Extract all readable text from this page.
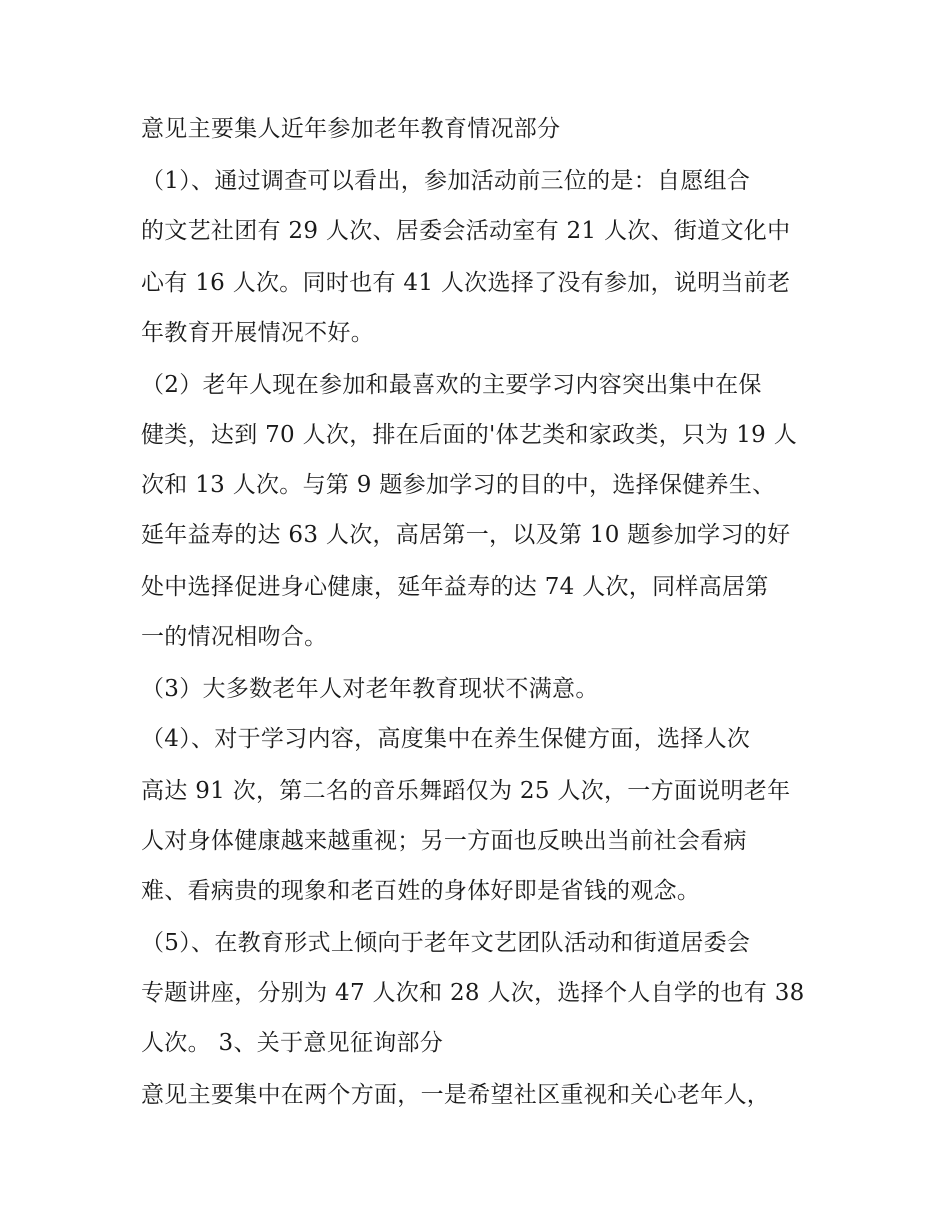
意见主要集人近年参加老年教育情况部分
（1）、通过调查可以看出，参加活动前三位的是：自愿组合
的文艺社团有 29 人次、居委会活动室有 21 人次、街道文化中
心有 16 人次。同时也有 41 人次选择了没有参加，说明当前老
年教育开展情况不好。
（2）老年人现在参加和最喜欢的主要学习内容突出集中在保
健类，达到 70 人次，排在后面的'体艺类和家政类，只为 19 人
次和 13 人次。与第 9 题参加学习的目的中，选择保健养生、
延年益寿的达 63 人次，高居第一，以及第 10 题参加学习的好
处中选择促进身心健康，延年益寿的达 74 人次，同样高居第
一的情况相吻合。
（3）大多数老年人对老年教育现状不满意。
（4）、对于学习内容，高度集中在养生保健方面，选择人次
高达 91 次，第二名的音乐舞蹈仅为 25 人次，一方面说明老年
人对身体健康越来越重视；另一方面也反映出当前社会看病
难、看病贵的现象和老百姓的身体好即是省钱的观念。
（5）、在教育形式上倾向于老年文艺团队活动和街道居委会
专题讲座，分别为 47 人次和 28 人次，选择个人自学的也有 38
人次。 3、关于意见征询部分
意见主要集中在两个方面，一是希望社区重视和关心老年人，
